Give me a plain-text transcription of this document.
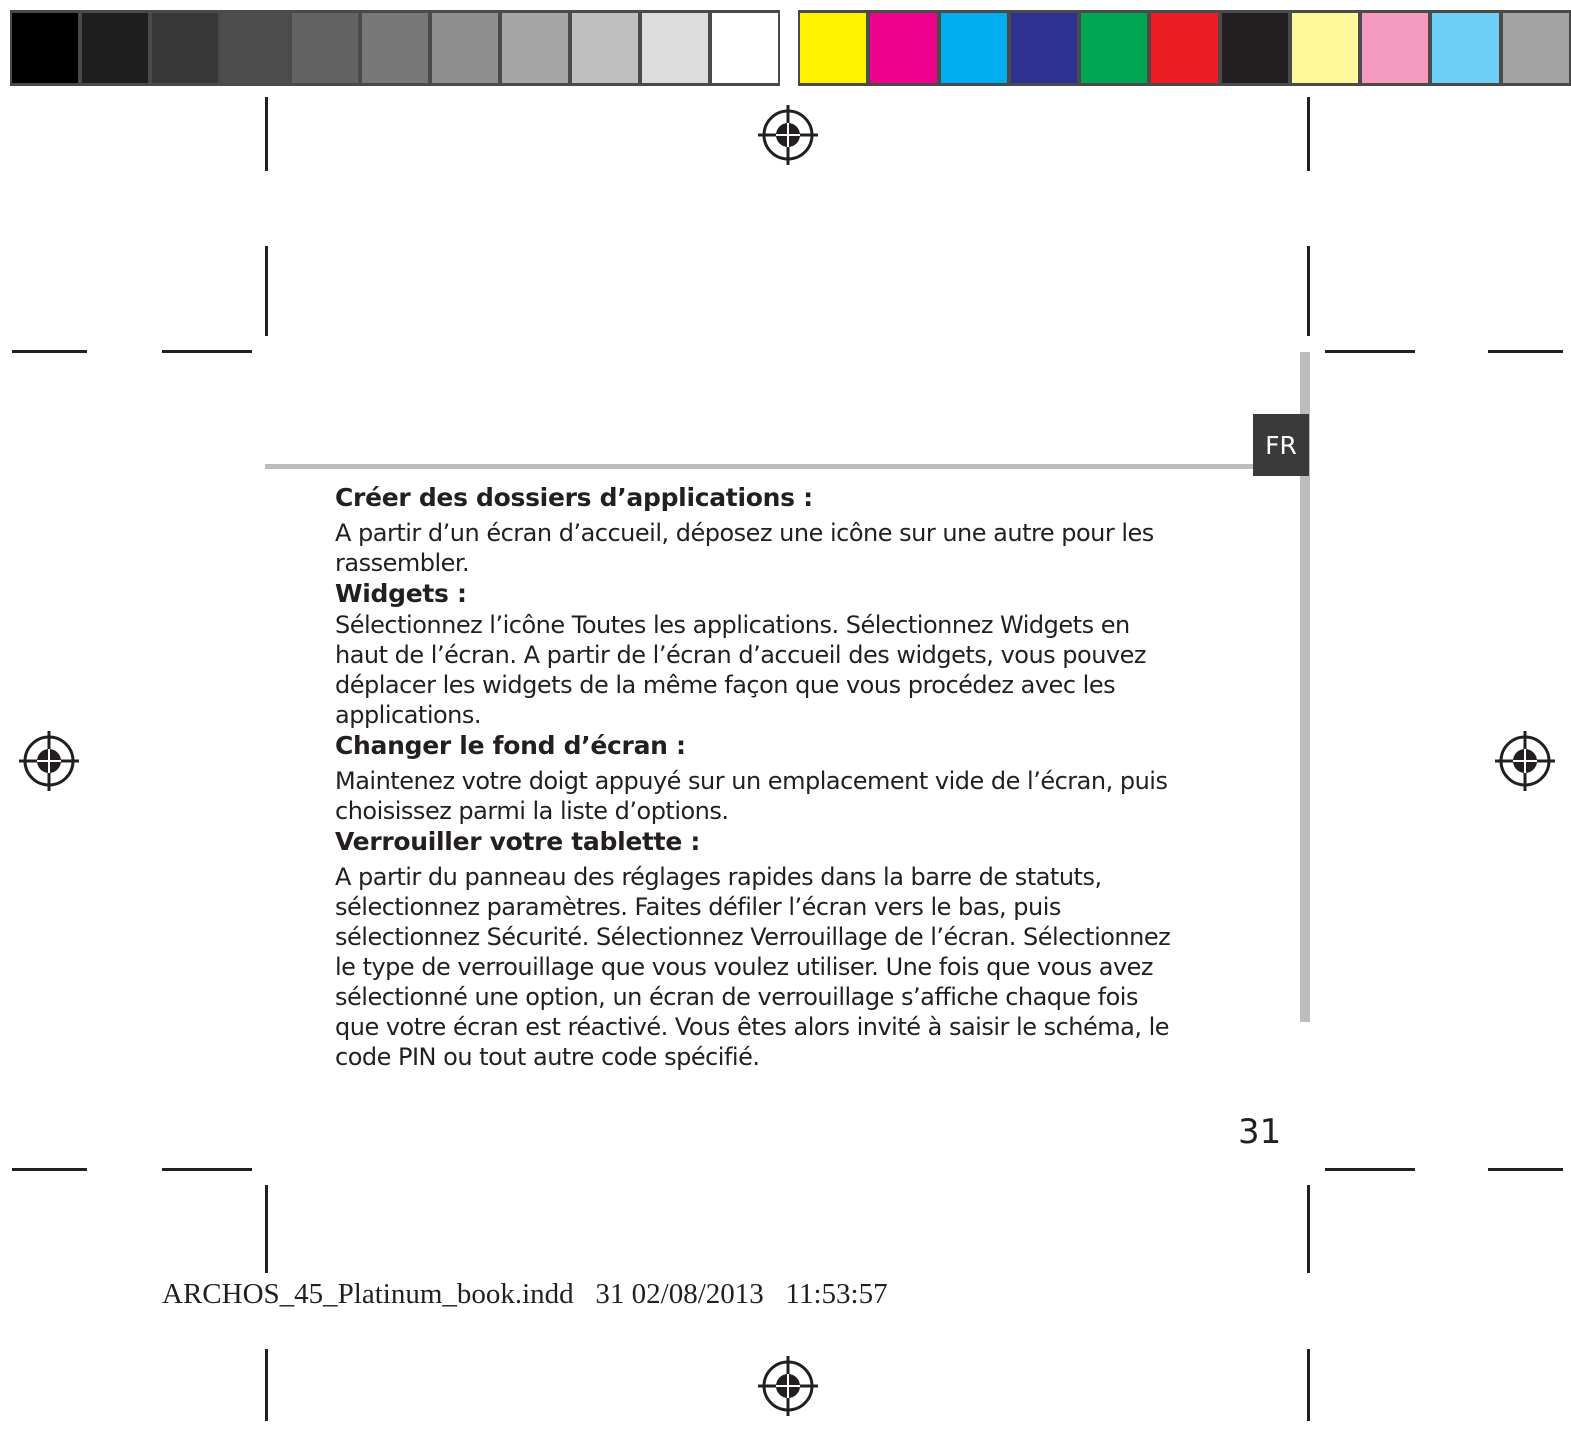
FR
Créer des dossiers d’applications :

A partir d’un écran d’accueil, déposez une icône sur une autre pour les

rassembler.

Widgets :

Sélectionnez l’icône Toutes les applications. Sélectionnez Widgets en

haut de l’écran. A partir de l’écran d’accueil des widgets, vous pouvez

déplacer les widgets de la même façon que vous procédez avec les

applications.

Changer le fond d’écran :

Maintenez votre doigt appuyé sur un emplacement vide de l’écran, puis

choisissez parmi la liste d’options.

Verrouiller votre tablette :

A partir du panneau des réglages rapides dans la barre de statuts,

sélectionnez paramètres. Faites défiler l’écran vers le bas, puis

sélectionnez Sécurité. Sélectionnez Verrouillage de l’écran. Sélectionnez

le type de verrouillage que vous voulez utiliser. Une fois que vous avez

sélectionné une option, un écran de verrouillage s’affiche chaque fois

que votre écran est réactivé. Vous êtes alors invité à saisir le schéma, le

code PIN ou tout autre code spécifié.

31
ARCHOS_45_Platinum_book.indd   31 02/08/2013   11:53:57
